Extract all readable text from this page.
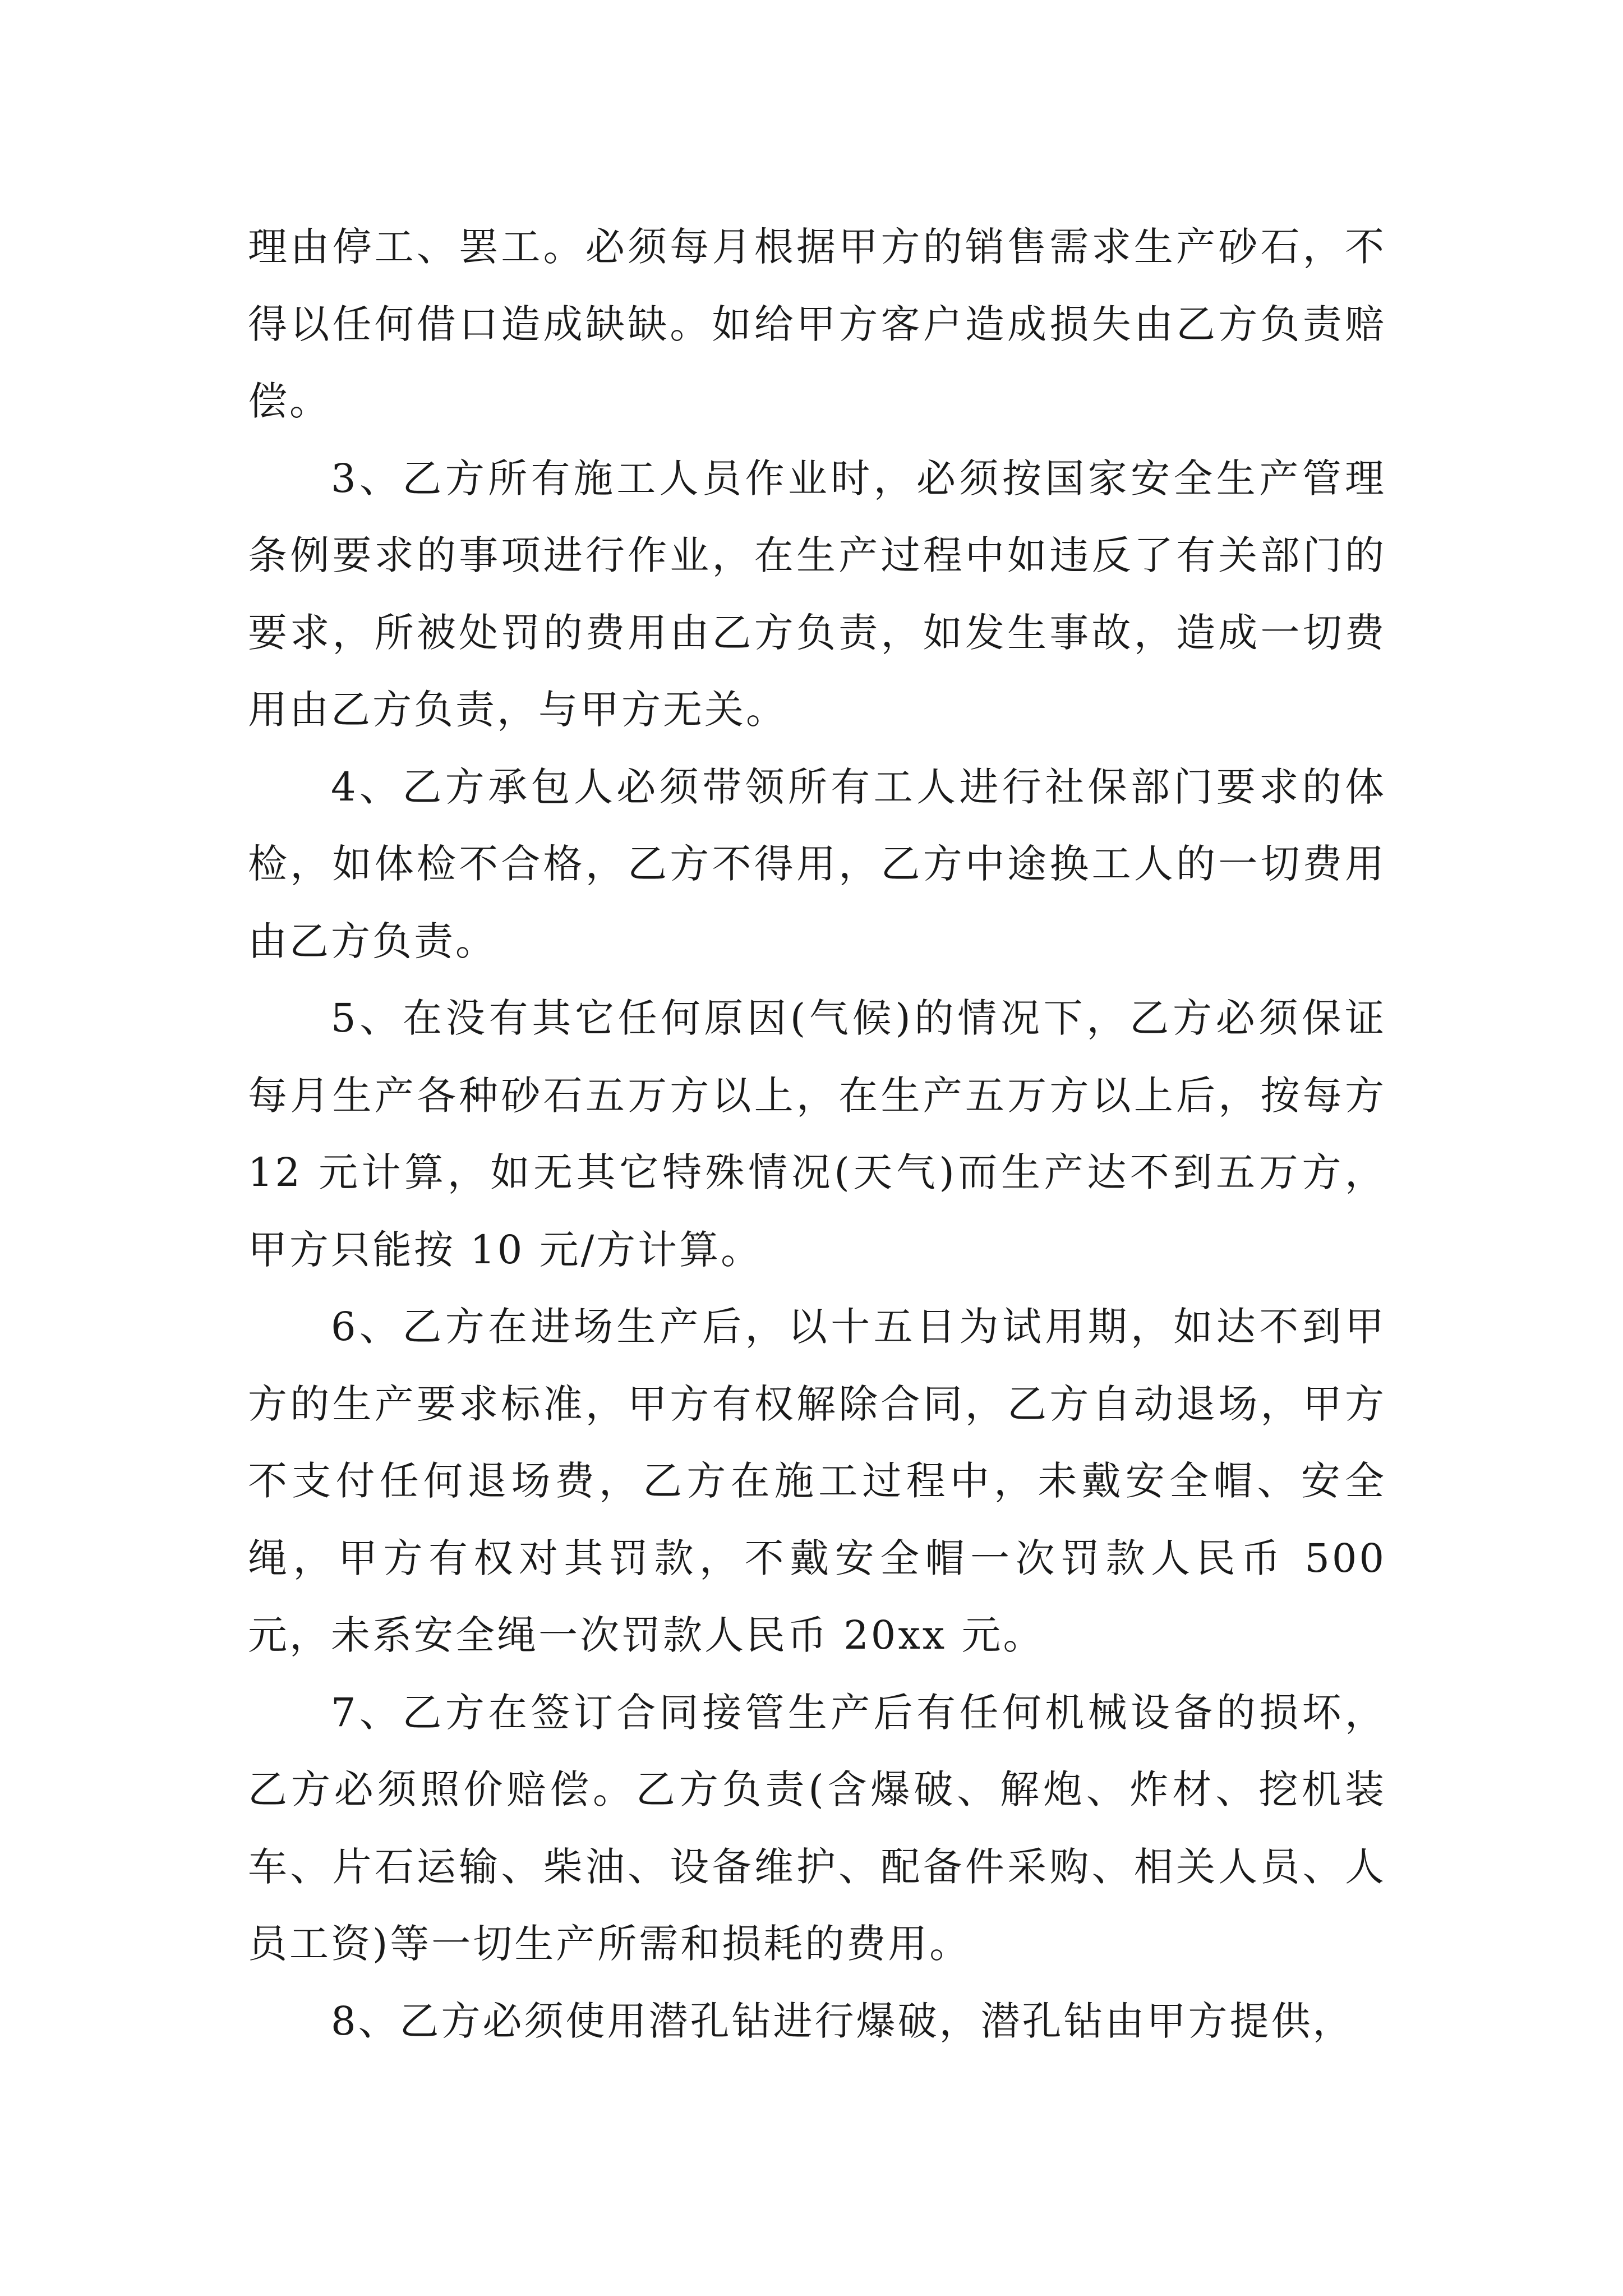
理由停工、罢工。必须每月根据甲方的销售需求生产砂石，不得以任何借口造成缺缺。如给甲方客户造成损失由乙方负责赔偿。

3、乙方所有施工人员作业时，必须按国家安全生产管理条例要求的事项进行作业，在生产过程中如违反了有关部门的要求，所被处罚的费用由乙方负责，如发生事故，造成一切费用由乙方负责，与甲方无关。

4、乙方承包人必须带领所有工人进行社保部门要求的体检，如体检不合格，乙方不得用，乙方中途换工人的一切费用由乙方负责。

5、在没有其它任何原因(气候)的情况下，乙方必须保证每月生产各种砂石五万方以上，在生产五万方以上后，按每方 12 元计算，如无其它特殊情况(天气)而生产达不到五万方，甲方只能按 10 元/方计算。

6、乙方在进场生产后，以十五日为试用期，如达不到甲方的生产要求标准，甲方有权解除合同，乙方自动退场，甲方不支付任何退场费，乙方在施工过程中，未戴安全帽、安全绳，甲方有权对其罚款，不戴安全帽一次罚款人民币 500 元，未系安全绳一次罚款人民币 20xx 元。

7、乙方在签订合同接管生产后有任何机械设备的损坏，乙方必须照价赔偿。乙方负责(含爆破、解炮、炸材、挖机装车、片石运输、柴油、设备维护、配备件采购、相关人员、人员工资)等一切生产所需和损耗的费用。

8、乙方必须使用潜孔钻进行爆破，潜孔钻由甲方提供，
